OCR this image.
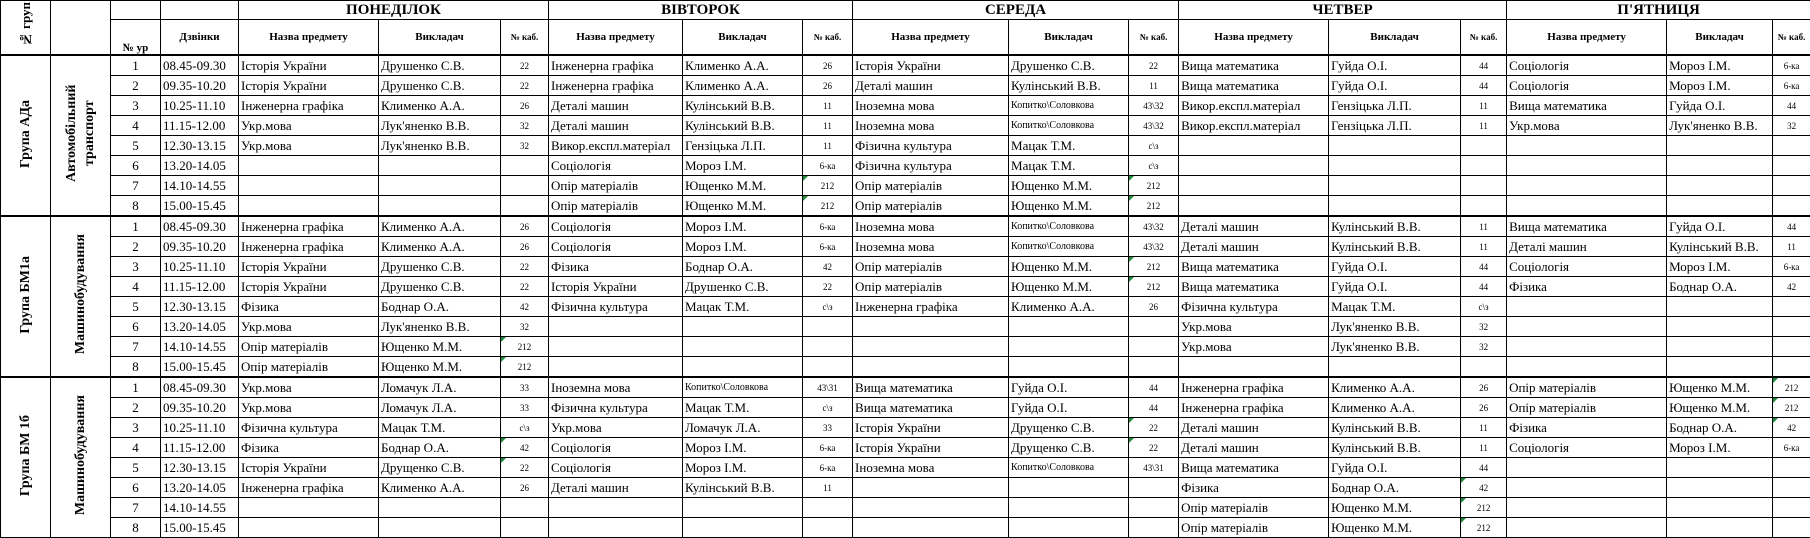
№ груп				ПОНЕДІЛОК			ВІВТОРОК			СЕРЕДА			ЧЕТВЕР			П'ЯТНИЦЯ		
		№ ур	Дзвінки	Назва предмету	Викладач	№ каб.	Назва предмету	Викладач	№ каб.	Назва предмету	Викладач	№ каб.	Назва предмету	Викладач	№ каб.	Назва предмету	Викладач	№ каб.
Група АДа	Автомобільний транспорт	1	08.45-09.30	Історія України	Друшенко С.В.	22	Інженерна графіка	Клименко А.А.	26	Історія України	Друшенко С.В.	22	Вища математика	Гуйда О.І.	44	Соціологія	Мороз І.М.	6-ка
		2	09.35-10.20	Історія України	Друшенко С.В.	22	Інженерна графіка	Клименко А.А.	26	Деталі машин	Кулінський В.В.	11	Вища математика	Гуйда О.І.	44	Соціологія	Мороз І.М.	6-ка
		3	10.25-11.10	Інженерна графіка	Клименко А.А.	26	Деталі машин	Кулінський В.В.	11	Іноземна мова	Копитко\Соловкова	43\32	Викор.експл.матеріал	Гензіцька Л.П.	11	Вища математика	Гуйда О.І.	44
		4	11.15-12.00	Укр.мова	Лук'яненко В.В.	32	Деталі машин	Кулінський В.В.	11	Іноземна мова	Копитко\Соловкова	43\32	Викор.експл.матеріал	Гензіцька Л.П.	11	Укр.мова	Лук'яненко В.В.	32
		5	12.30-13.15	Укр.мова	Лук'яненко В.В.	32	Викор.експл.матеріал	Гензіцька Л.П.	11	Фізична культура	Мацак Т.М.	с\з						
		6	13.20-14.05				Соціологія	Мороз І.М.	6-ка	Фізична культура	Мацак Т.М.	с\з						
		7	14.10-14.55				Опір матеріалів	Ющенко М.М.	212	Опір матеріалів	Ющенко М.М.	212						
		8	15.00-15.45				Опір матеріалів	Ющенко М.М.	212	Опір матеріалів	Ющенко М.М.	212						
Група БМ1а	Машинобудування	1	08.45-09.30	Інженерна графіка	Клименко А.А.	26	Соціологія	Мороз І.М.	6-ка	Іноземна мова	Копитко\Соловкова	43\32	Деталі машин	Кулінський В.В.	11	Вища математика	Гуйда О.І.	44
		2	09.35-10.20	Інженерна графіка	Клименко А.А.	26	Соціологія	Мороз І.М.	6-ка	Іноземна мова	Копитко\Соловкова	43\32	Деталі машин	Кулінський В.В.	11	Деталі машин	Кулінський В.В.	11
		3	10.25-11.10	Історія України	Друшенко С.В.	22	Фізика	Боднар О.А.	42	Опір матеріалів	Ющенко М.М.	212	Вища математика	Гуйда О.І.	44	Соціологія	Мороз І.М.	6-ка
		4	11.15-12.00	Історія України	Друшенко С.В.	22	Історія України	Друшенко С.В.	22	Опір матеріалів	Ющенко М.М.	212	Вища математика	Гуйда О.І.	44	Фізика	Боднар О.А.	42
		5	12.30-13.15	Фізика	Боднар О.А.	42	Фізична культура	Мацак Т.М.	с\з	Інженерна графіка	Клименко А.А.	26	Фізична культура	Мацак Т.М.	с\з			
		6	13.20-14.05	Укр.мова	Лук'яненко В.В.	32							Укр.мова	Лук'яненко В.В.	32			
		7	14.10-14.55	Опір матеріалів	Ющенко М.М.	212							Укр.мова	Лук'яненко В.В.	32			
		8	15.00-15.45	Опір матеріалів	Ющенко М.М.	212												
Група БМ 1б	Машинобудування	1	08.45-09.30	Укр.мова	Ломачук Л.А.	33	Іноземна мова	Копитко\Соловкова	43\31	Вища математика	Гуйда О.І.	44	Інженерна графіка	Клименко А.А.	26	Опір матеріалів	Ющенко М.М.	212
		2	09.35-10.20	Укр.мова	Ломачук Л.А.	33	Фізична культура	Мацак Т.М.	с\з	Вища математика	Гуйда О.І.	44	Інженерна графіка	Клименко А.А.	26	Опір матеріалів	Ющенко М.М.	212
		3	10.25-11.10	Фізична культура	Мацак Т.М.	с\з	Укр.мова	Ломачук Л.А.	33	Історія України	Друщенко С.В.	22	Деталі машин	Кулінський В.В.	11	Фізика	Боднар О.А.	42
		4	11.15-12.00	Фізика	Боднар О.А.	42	Соціологія	Мороз І.М.	6-ка	Історія України	Друщенко С.В.	22	Деталі машин	Кулінський В.В.	11	Соціологія	Мороз І.М.	6-ка
		5	12.30-13.15	Історія України	Друщенко С.В.	22	Соціологія	Мороз І.М.	6-ка	Іноземна мова	Копитко\Соловкова	43\31	Вища математика	Гуйда О.І.	44			
		6	13.20-14.05	Інженерна графіка	Клименко А.А.	26	Деталі машин	Кулінський В.В.	11				Фізика	Боднар О.А.	42			
		7	14.10-14.55										Опір матеріалів	Ющенко М.М.	212			
		8	15.00-15.45										Опір матеріалів	Ющенко М.М.	212			
